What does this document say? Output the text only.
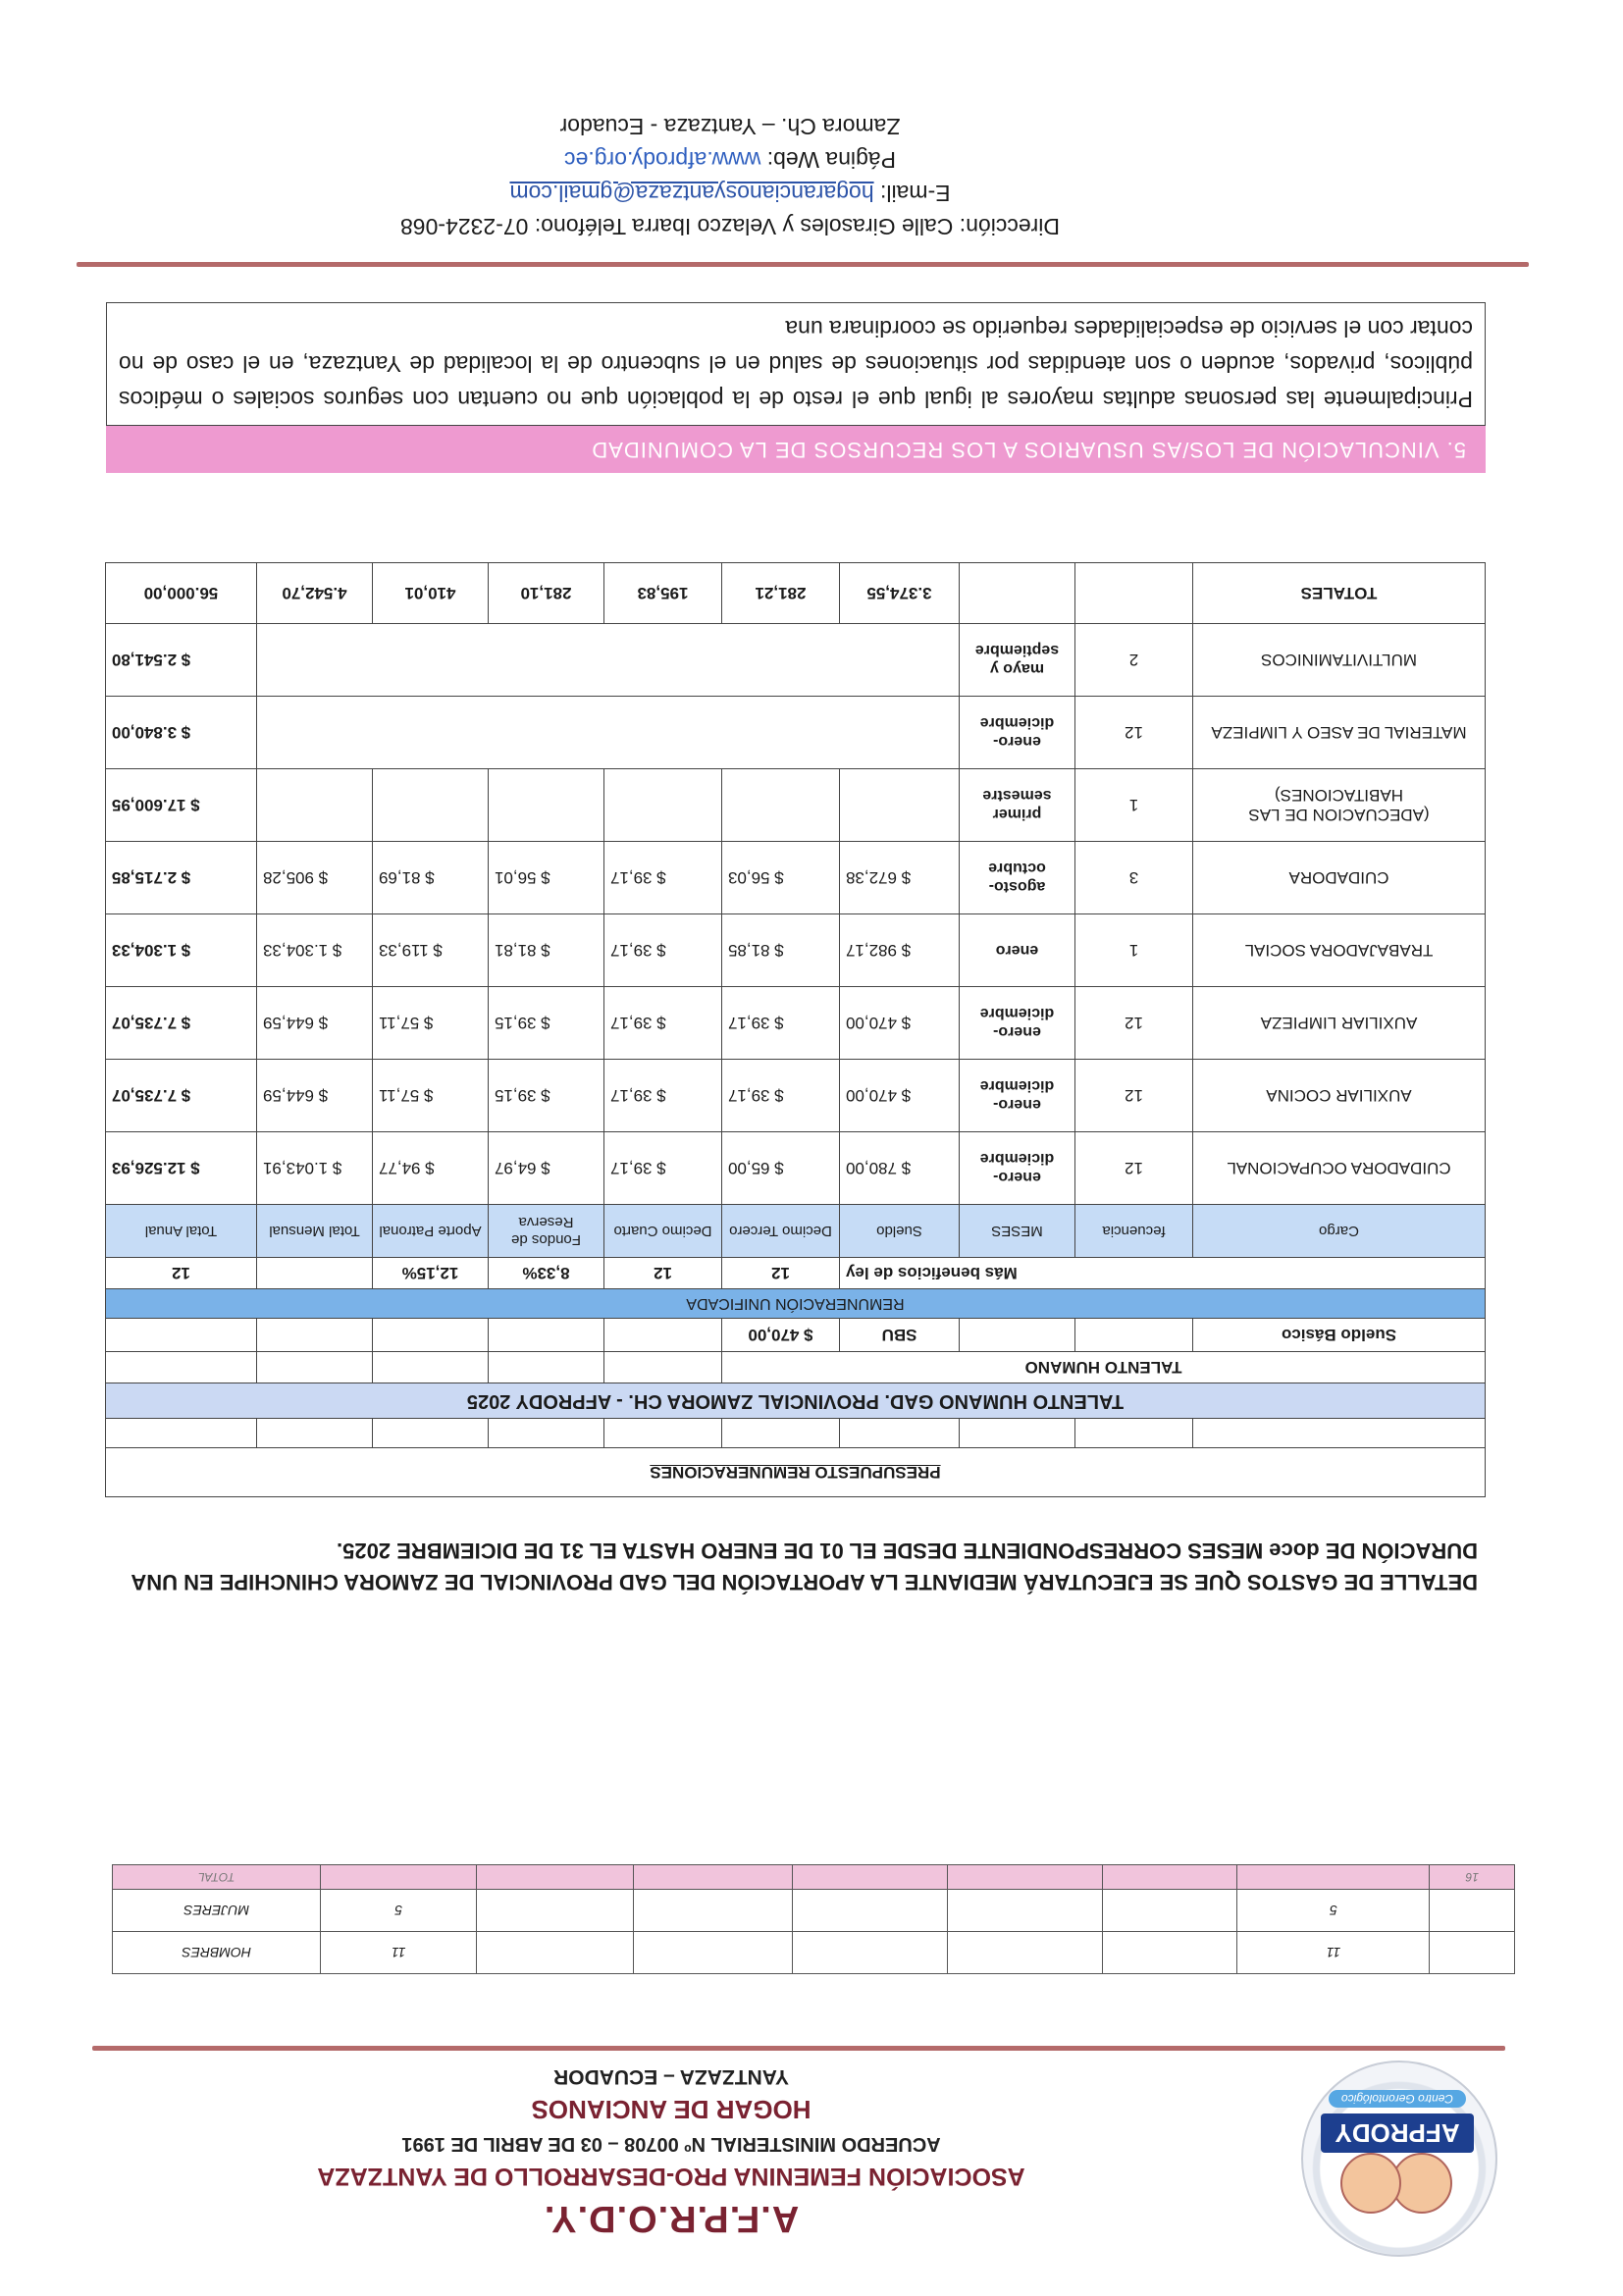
AFPRODY
Centro Gerontológico
A.F.P.R.O.D.Y.
ASOCIACIÓN FEMENINA PRO-DESARROLLO DE YANTZAZA
ACUERDO MINISTERIAL Nº 00708 – 03 DE ABRIL DE 1991
HOGAR DE ANCIANOS
YANTZAZA – ECUADOR
	11						11	HOMBRES
	5						5	MUJERES
16								TOTAL
DETALLE DE GASTOS QUE SE EJECUTARÁ MEDIANTE LA APORTACIÓN DEL GAD PROVINCIAL DE ZAMORA CHINCHIPE EN UNA DURACIÓN DE doce MESES CORRESPONDIENTE DESDE EL 01 DE ENERO HASTA EL 31 DE DICIEMBRE 2025.
PRESUPUESTO REMUNERACIONES									

TALENTO HUMANO GAD. PROVINCIAL ZAMORA CH. - AFPRODY 2025									
TALENTO HUMANO									
Sueldo Básico			SBU	$ 470,00					
REMUNERACIÓN UNIFICADA									
Más beneficios de ley				12	12	8,33%	12,15%		12
Cargo	fecuencia	MESES	Sueldo	Decimo Tercero	Decimo Cuarto	Fondos de Reserva	Aporte Patronal	Total Mensual	Total Anual
CUIDADORA OCUPACIONAL	12	enero-diciembre	$ 780,00	$ 65,00	$ 39,17	$ 64,97	$ 94,77	$ 1.043,91	$ 12.526,93
AUXILIAR COCINA	12	enero-diciembre	$ 470,00	$ 39,17	$ 39,17	$ 39,15	$ 57,11	$ 644,59	$ 7.735,07
AUXILIAR LIMPIEZA	12	enero-diciembre	$ 470,00	$ 39,17	$ 39,17	$ 39,15	$ 57,11	$ 644,59	$ 7.735,07
TRABAJADORA SOCIAL	1	enero	$ 982,17	$ 81,85	$ 39,17	$ 81,81	$ 119,33	$ 1.304,33	$ 1.304,33
CUIDADORA	3	agosto-octubre	$ 672,38	$ 56,03	$ 39,17	$ 56,01	$ 81,69	$ 905,28	$ 2.715,85
(ADECUACION DE LAS HABITACIONES)	1	primer semestre							$ 17.600,95
MATERIAL DE ASEO Y LIMPIEZA	12	enero-diciembre							$ 3.840,00
MULTIVITAMINICOS	2	mayo y septiembre							$ 2.541,80
TOTALES			3.374,55	281,21	195,83	281,10	410,01	4.542,70	56.000,00
5. VINCULACIÓN DE LOS/AS USUARIOS A LOS RECURSOS DE LA COMUNIDAD
Principalmente las personas adultas mayores al igual que el resto de la población que no cuentan con seguros sociales o médicos públicos, privados, acuden o son atendidas por situaciones de salud en el subcentro de la localidad de Yantzaza, en el caso de no contar con el servicio de especialidades requerido se coordinara una
Dirección: Calle Girasoles y Velazco Ibarra Teléfono: 07-2324-068
E-mail: hogarancianosyantzaza@gmail.com
Página Web: www.afprody.org.ec
Zamora Ch. – Yantzaza - Ecuador
